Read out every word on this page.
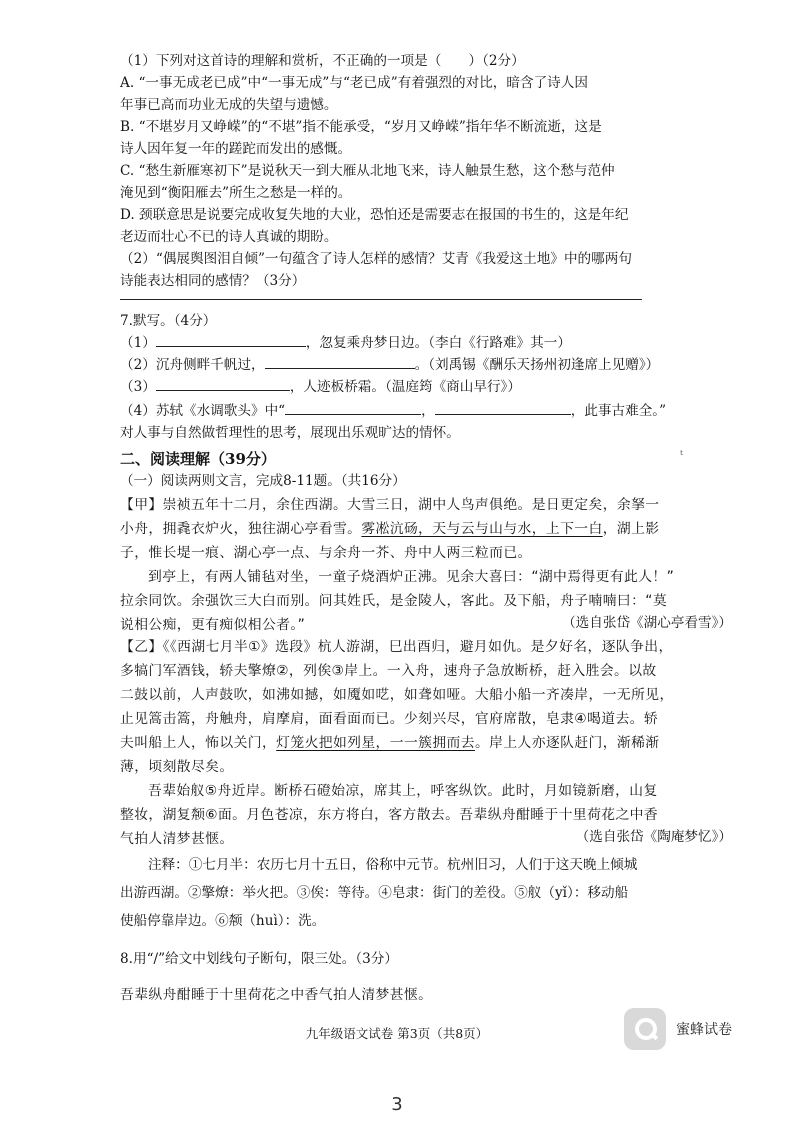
（1）下列对这首诗的理解和赏析，不正确的一项是（　　）（2分）
A. “一事无成老已成”中“一事无成”与“老已成”有着强烈的对比，暗含了诗人因
年事已高而功业无成的失望与遗憾。
B. “不堪岁月又峥嵘”的“不堪”指不能承受，“岁月又峥嵘”指年华不断流逝，这是
诗人因年复一年的蹉跎而发出的感慨。
C. “愁生新雁寒初下”是说秋天一到大雁从北地飞来，诗人触景生愁，这个愁与范仲
淹见到“衡阳雁去”所生之愁是一样的。
D. 颈联意思是说要完成收复失地的大业，恐怕还是需要志在报国的书生的，这是年纪
老迈而壮心不已的诗人真诚的期盼。
（2）“偶展舆图泪自倾”一句蕴含了诗人怎样的感情？艾青《我爱这土地》中的哪两句
诗能表达相同的感情？（3分）
7.默写。（4分）
（1）	，忽复乘舟梦日边。（李白《行路难》其一）
（2）沉舟侧畔千帆过，	。（刘禹锡《酬乐天扬州初逢席上见赠》）
（3）	，人迹板桥霜。（温庭筠《商山早行》）
（4）苏轼《水调歌头》中“	，	，此事古难全。”
对人事与自然做哲理性的思考，展现出乐观旷达的情怀。
ᵗ
二、阅读理解（39分）
（一）阅读两则文言，完成8-11题。（共16分）
【甲】崇祯五年十二月，余住西湖。大雪三日，湖中人鸟声俱绝。是日更定矣，余拏一
小舟，拥毳衣炉火，独往湖心亭看雪。雾凇沆砀，天与云与山与水，上下一白，湖上影
子，惟长堤一痕、湖心亭一点、与余舟一芥、舟中人两三粒而已。
到亭上，有两人铺毡对坐，一童子烧酒炉正沸。见余大喜曰：“湖中焉得更有此人！”
拉余同饮。余强饮三大白而别。问其姓氏，是金陵人，客此。及下船，舟子喃喃曰：“莫
说相公痴，更有痴似相公者。”	（选自张岱《湖心亭看雪》）
【乙】《《西湖七月半①》选段》杭人游湖，巳出酉归，避月如仇。是夕好名，逐队争出，
多犒门军酒钱，轿夫擎燎②，列俟③岸上。一入舟，速舟子急放断桥，赶入胜会。以故
二鼓以前，人声鼓吹，如沸如撼，如魇如呓，如聋如哑。大船小船一齐凑岸，一无所见，
止见篙击篙，舟触舟，肩摩肩，面看面而已。少刻兴尽，官府席散，皂隶④喝道去。轿
夫叫船上人，怖以关门，灯笼火把如列星，一一簇拥而去。岸上人亦逐队赶门，渐稀渐
薄，顷刻散尽矣。
吾辈始舣⑤舟近岸。断桥石磴始凉，席其上，呼客纵饮。此时，月如镜新磨，山复
整妆，湖复颒⑥面。月色苍凉，东方将白，客方散去。吾辈纵舟酣睡于十里荷花之中香
气拍人清梦甚惬。	（选自张岱《陶庵梦忆》）
注释：①七月半：农历七月十五日，俗称中元节。杭州旧习，人们于这天晚上倾城
出游西湖。②擎燎：举火把。③俟：等待。④皂隶：街门的差役。⑤舣（yǐ）：移动船
使船停靠岸边。⑥颒（huì）：洗。
8.用“/”给文中划线句子断句，限三处。（3分）
吾辈纵舟酣睡于十里荷花之中香气拍人清梦甚惬。
九年级语文试卷 第3页（共8页）	蜜蜂试卷
3
